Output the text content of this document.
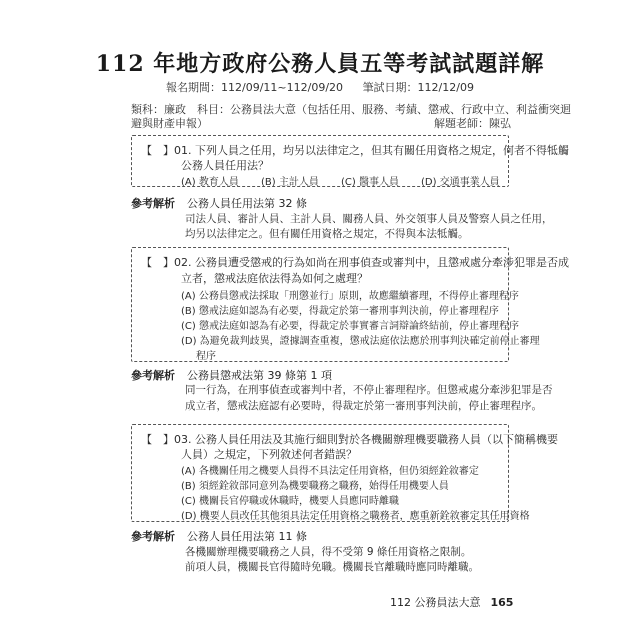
112 年地方政府公務人員五等考試試題詳解
報名期間：112/09/11~112/09/20 筆試日期：112/12/09
類科：廉政　科目：公務員法大意（包括任用、服務、考績、懲戒、行政中立、利益衝突迴
避與財產申報）	解題老師：陳弘
【　】01. 下列人員之任用，均另以法律定之，但其有關任用資格之規定，何者不得牴觸
公務人員任用法？
(A) 教育人員 (B) 主計人員 (C) 醫事人員 (D) 交通事業人員
參考解析 公務人員任用法第 32 條
司法人員、審計人員、主計人員、關務人員、外交領事人員及警察人員之任用，
均另以法律定之。但有關任用資格之規定，不得與本法牴觸。
【　】02. 公務員遭受懲戒的行為如尚在刑事偵查或審判中，且懲戒處分牽涉犯罪是否成
立者，懲戒法庭依法得為如何之處理？
(A) 公務員懲戒法採取「刑懲並行」原則，故應繼續審理，不得停止審理程序
(B) 懲戒法庭如認為有必要，得裁定於第一審刑事判決前，停止審理程序
(C) 懲戒法庭如認為有必要，得裁定於事實審言詞辯論終結前，停止審理程序
(D) 為避免裁判歧異，證據調查重複，懲戒法庭依法應於刑事判決確定前停止審理
程序
參考解析 公務員懲戒法第 39 條第 1 項
同一行為，在刑事偵查或審判中者，不停止審理程序。但懲戒處分牽涉犯罪是否
成立者，懲戒法庭認有必要時，得裁定於第一審刑事判決前，停止審理程序。
【　】03. 公務人員任用法及其施行細則對於各機關辦理機要職務人員（以下簡稱機要
人員）之規定，下列敘述何者錯誤？
(A) 各機關任用之機要人員得不具法定任用資格，但仍須經銓敘審定
(B) 須經銓敘部同意列為機要職務之職務，始得任用機要人員
(C) 機關長官停職或休職時，機要人員應同時離職
(D) 機要人員改任其他須具法定任用資格之職務者，應重新銓敘審定其任用資格
參考解析 公務人員任用法第 11 條
各機關辦理機要職務之人員，得不受第 9 條任用資格之限制。
前項人員，機關長官得隨時免職。機關長官離職時應同時離職。
112 公務員法大意 165
